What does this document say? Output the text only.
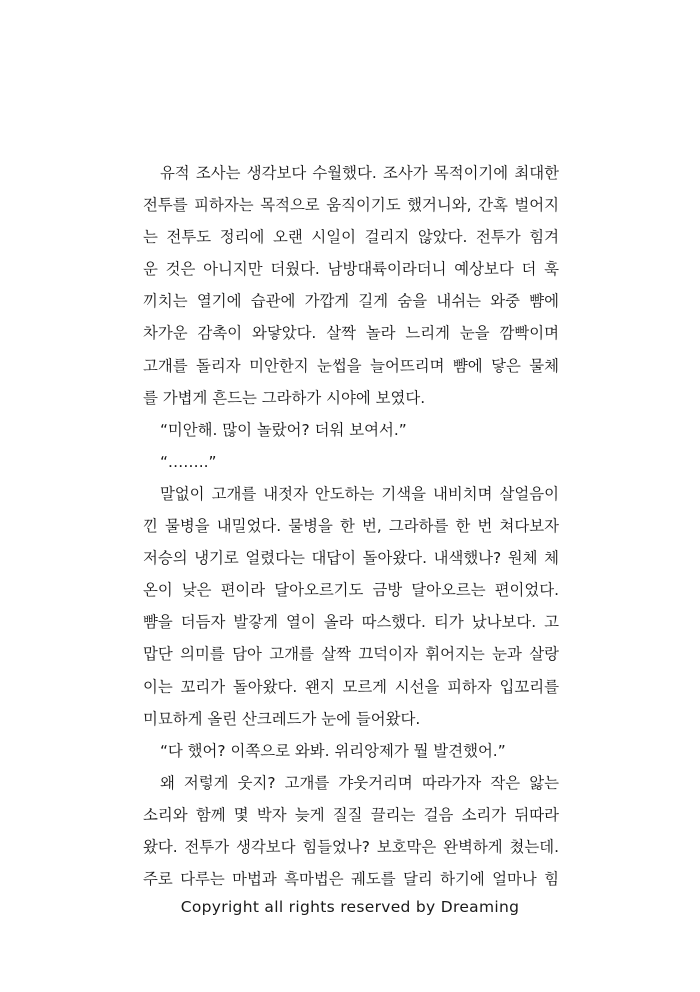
유적 조사는 생각보다 수월했다. 조사가 목적이기에 최대한
전투를 피하자는 목적으로 움직이기도 했거니와, 간혹 벌어지
는 전투도 정리에 오랜 시일이 걸리지 않았다. 전투가 힘겨
운 것은 아니지만 더웠다. 남방대륙이라더니 예상보다 더 훅
끼치는 열기에 습관에 가깝게 길게 숨을 내쉬는 와중 뺨에
차가운 감촉이 와닿았다. 살짝 놀라 느리게 눈을 깜빡이며
고개를 돌리자 미안한지 눈썹을 늘어뜨리며 뺨에 닿은 물체
를 가볍게 흔드는 그라하가 시야에 보였다.
“미안해. 많이 놀랐어? 더워 보여서.”
“……..”
말없이 고개를 내젓자 안도하는 기색을 내비치며 살얼음이
낀 물병을 내밀었다. 물병을 한 번, 그라하를 한 번 쳐다보자
저승의 냉기로 얼렸다는 대답이 돌아왔다. 내색했나? 원체 체
온이 낮은 편이라 달아오르기도 금방 달아오르는 편이었다.
뺨을 더듬자 발갛게 열이 올라 따스했다. 티가 났나보다. 고
맙단 의미를 담아 고개를 살짝 끄덕이자 휘어지는 눈과 살랑
이는 꼬리가 돌아왔다. 왠지 모르게 시선을 피하자 입꼬리를
미묘하게 올린 산크레드가 눈에 들어왔다.
“다 했어? 이쪽으로 와봐. 위리앙제가 뭘 발견했어.”
왜 저렇게 웃지? 고개를 갸웃거리며 따라가자 작은 앓는
소리와 함께 몇 박자 늦게 질질 끌리는 걸음 소리가 뒤따라
왔다. 전투가 생각보다 힘들었나? 보호막은 완벽하게 쳤는데.
주로 다루는 마법과 흑마법은 궤도를 달리 하기에 얼마나 힘
Copyright all rights reserved by Dreaming
